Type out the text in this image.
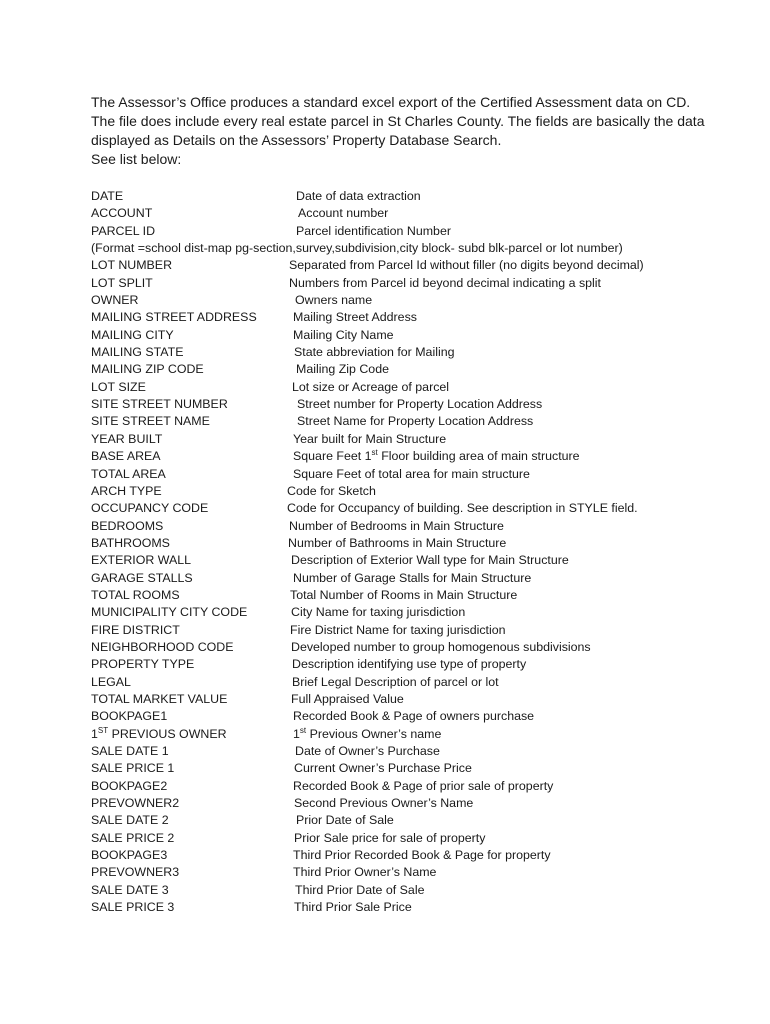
The Assessor’s Office produces a standard excel export of the Certified Assessment data on CD. The file does include every real estate parcel in St Charles County. The fields are basically the data displayed as Details on the Assessors’ Property Database Search.

See list below:

DATE	Date of data extraction
ACCOUNT	Account number
PARCEL ID	Parcel identification Number
(Format =school dist-map pg-section,survey,subdivision,city block- subd blk-parcel or lot number)
LOT NUMBER	Separated from Parcel Id without filler (no digits beyond decimal)
LOT SPLIT	Numbers from Parcel id beyond decimal indicating a split
OWNER	Owners name
MAILING STREET ADDRESS	Mailing Street Address
MAILING CITY	Mailing City Name
MAILING STATE	State abbreviation for Mailing
MAILING ZIP CODE	Mailing Zip Code
LOT SIZE	Lot size or Acreage of parcel
SITE STREET NUMBER	Street number for Property Location Address
SITE STREET NAME	Street Name for Property Location Address
YEAR BUILT	Year built for Main Structure
BASE AREA	Square Feet 1st Floor building area of main structure
TOTAL AREA	Square Feet of total area for main structure
ARCH TYPE	Code for Sketch
OCCUPANCY CODE	Code for Occupancy of building. See description in STYLE field.
BEDROOMS	Number of Bedrooms in Main Structure
BATHROOMS	Number of Bathrooms in Main Structure
EXTERIOR WALL	Description of Exterior Wall type for Main Structure
GARAGE STALLS	Number of Garage Stalls for Main Structure
TOTAL ROOMS	Total Number of Rooms in Main Structure
MUNICIPALITY CITY CODE	City Name for taxing jurisdiction
FIRE DISTRICT	Fire District Name for taxing jurisdiction
NEIGHBORHOOD CODE	Developed number to group homogenous subdivisions
PROPERTY TYPE	Description identifying use type of property
LEGAL	Brief Legal Description of parcel or lot
TOTAL MARKET VALUE	Full Appraised Value
BOOKPAGE1	Recorded Book & Page of owners purchase
1ST PREVIOUS OWNER	1st Previous Owner’s name
SALE DATE 1	Date of Owner’s Purchase
SALE PRICE 1	Current Owner’s Purchase Price
BOOKPAGE2	Recorded Book & Page of prior sale of property
PREVOWNER2	Second Previous Owner’s Name
SALE DATE 2	Prior Date of Sale
SALE PRICE 2	Prior Sale price for sale of property
BOOKPAGE3	Third Prior Recorded Book & Page for property
PREVOWNER3	Third Prior Owner’s Name
SALE DATE 3	Third Prior Date of Sale
SALE PRICE 3	Third Prior Sale Price
